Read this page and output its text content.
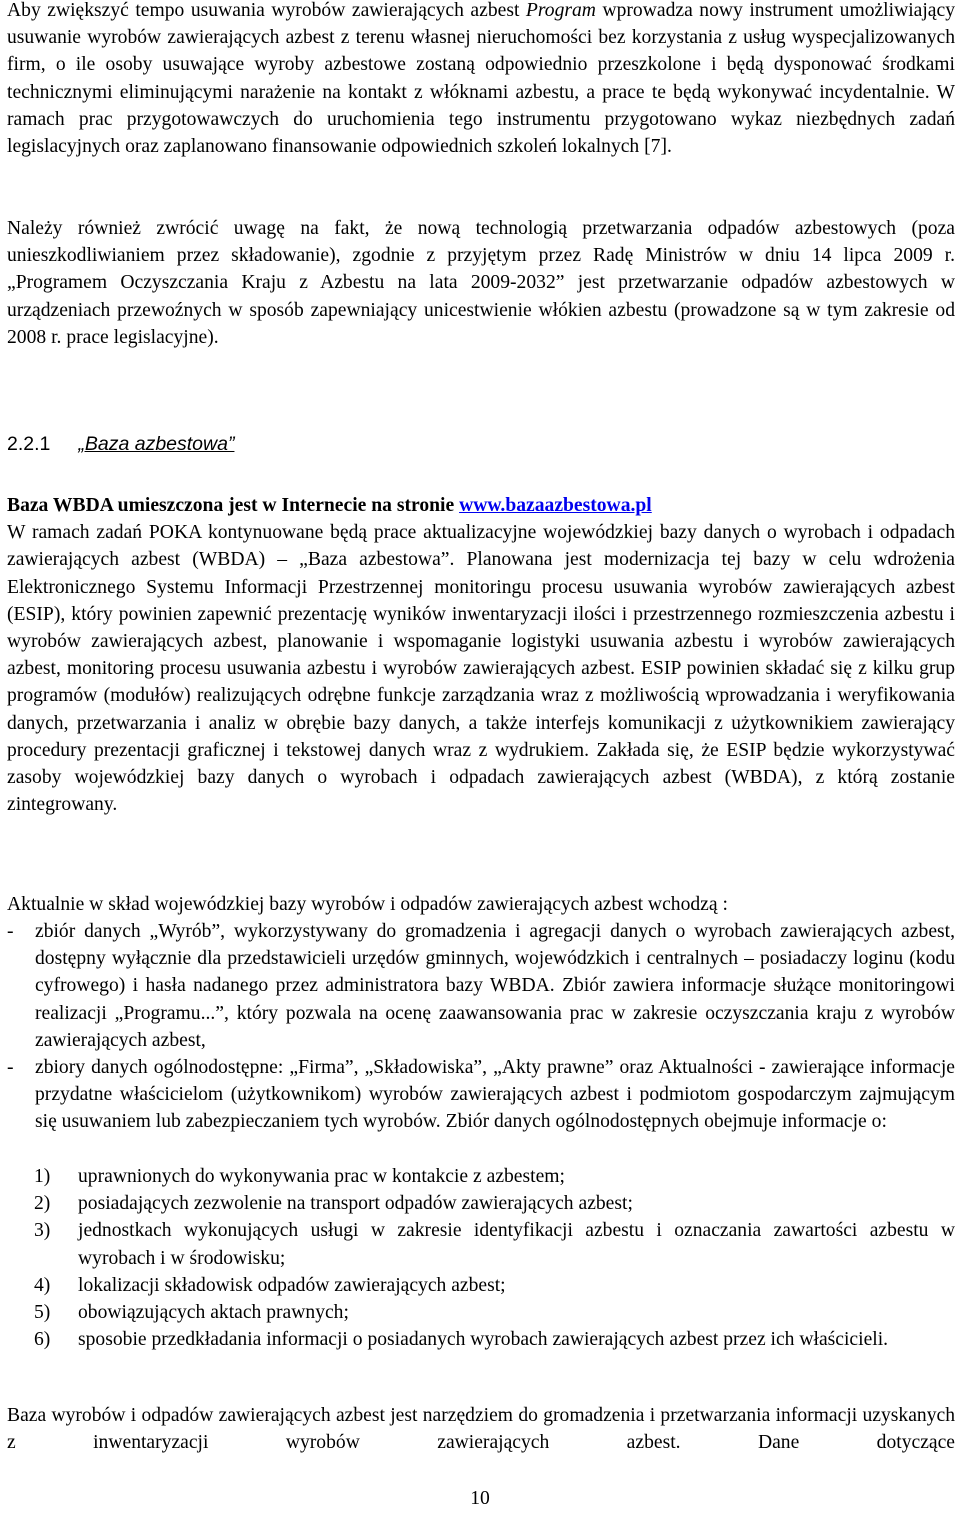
Aby zwiększyć tempo usuwania wyrobów zawierających azbest Program wprowadza nowy instrument umożliwiający usuwanie wyrobów zawierających azbest z terenu własnej nieruchomości bez korzystania z usług wyspecjalizowanych firm, o ile osoby usuwające wyroby azbestowe zostaną odpowiednio przeszkolone i będą dysponować środkami technicznymi eliminującymi narażenie na kontakt z włóknami azbestu, a prace te będą wykonywać incydentalnie. W ramach prac przygotowawczych do uruchomienia tego instrumentu przygotowano wykaz niezbędnych zadań legislacyjnych oraz zaplanowano finansowanie odpowiednich szkoleń lokalnych [7].

Należy również zwrócić uwagę na fakt, że nową technologią przetwarzania odpadów azbestowych (poza unieszkodliwianiem przez składowanie), zgodnie z przyjętym przez Radę Ministrów w dniu 14 lipca 2009 r. „Programem Oczyszczania Kraju z Azbestu na lata 2009-2032” jest przetwarzanie odpadów azbestowych w urządzeniach przewoźnych w sposób zapewniający unicestwienie włókien azbestu (prowadzone są w tym zakresie od 2008 r. prace legislacyjne).

2.2.1 „Baza azbestowa”
Baza WBDA umieszczona jest w Internecie na stronie www.bazaazbestowa.pl

W ramach zadań POKA kontynuowane będą prace aktualizacyjne wojewódzkiej bazy danych o wyrobach i odpadach zawierających azbest (WBDA) – „Baza azbestowa”. Planowana jest modernizacja tej bazy w celu wdrożenia Elektronicznego Systemu Informacji Przestrzennej monitoringu procesu usuwania wyrobów zawierających azbest (ESIP), który powinien zapewnić prezentację wyników inwentaryzacji ilości i przestrzennego rozmieszczenia azbestu i wyrobów zawierających azbest, planowanie i wspomaganie logistyki usuwania azbestu i wyrobów zawierających azbest, monitoring procesu usuwania azbestu i wyrobów zawierających azbest. ESIP powinien składać się z kilku grup programów (modułów) realizujących odrębne funkcje zarządzania wraz z możliwością wprowadzania i weryfikowania danych, przetwarzania i analiz w obrębie bazy danych, a także interfejs komunikacji z użytkownikiem zawierający procedury prezentacji graficznej i tekstowej danych wraz z wydrukiem. Zakłada się, że ESIP będzie wykorzystywać zasoby wojewódzkiej bazy danych o wyrobach i odpadach zawierających azbest (WBDA), z którą zostanie zintegrowany.

Aktualnie w skład wojewódzkiej bazy wyrobów i odpadów zawierających azbest wchodzą :

- zbiór danych „Wyrób”, wykorzystywany do gromadzenia i agregacji danych o wyrobach zawierających azbest, dostępny wyłącznie dla przedstawicieli urzędów gminnych, wojewódzkich i centralnych – posiadaczy loginu (kodu cyfrowego) i hasła nadanego przez administratora bazy WBDA. Zbiór zawiera informacje służące monitoringowi realizacji „Programu...”, który pozwala na ocenę zaawansowania prac w zakresie oczyszczania kraju z wyrobów zawierających azbest,
- zbiory danych ogólnodostępne: „Firma”, „Składowiska”, „Akty prawne” oraz Aktualności - zawierające informacje przydatne właścicielom (użytkownikom) wyrobów zawierających azbest i podmiotom gospodarczym zajmującym się usuwaniem lub zabezpieczaniem tych wyrobów. Zbiór danych ogólnodostępnych obejmuje informacje o:
1) uprawnionych do wykonywania prac w kontakcie z azbestem;
2) posiadających zezwolenie na transport odpadów zawierających azbest;
3) jednostkach wykonujących usługi w zakresie identyfikacji azbestu i oznaczania zawartości azbestu w wyrobach i w środowisku;
4) lokalizacji składowisk odpadów zawierających azbest;
5) obowiązujących aktach prawnych;
6) sposobie przedkładania informacji o posiadanych wyrobach zawierających azbest przez ich właścicieli.

Baza wyrobów i odpadów zawierających azbest jest narzędziem do gromadzenia i przetwarzania informacji uzyskanych z inwentaryzacji wyrobów zawierających azbest. Dane dotyczące

10
